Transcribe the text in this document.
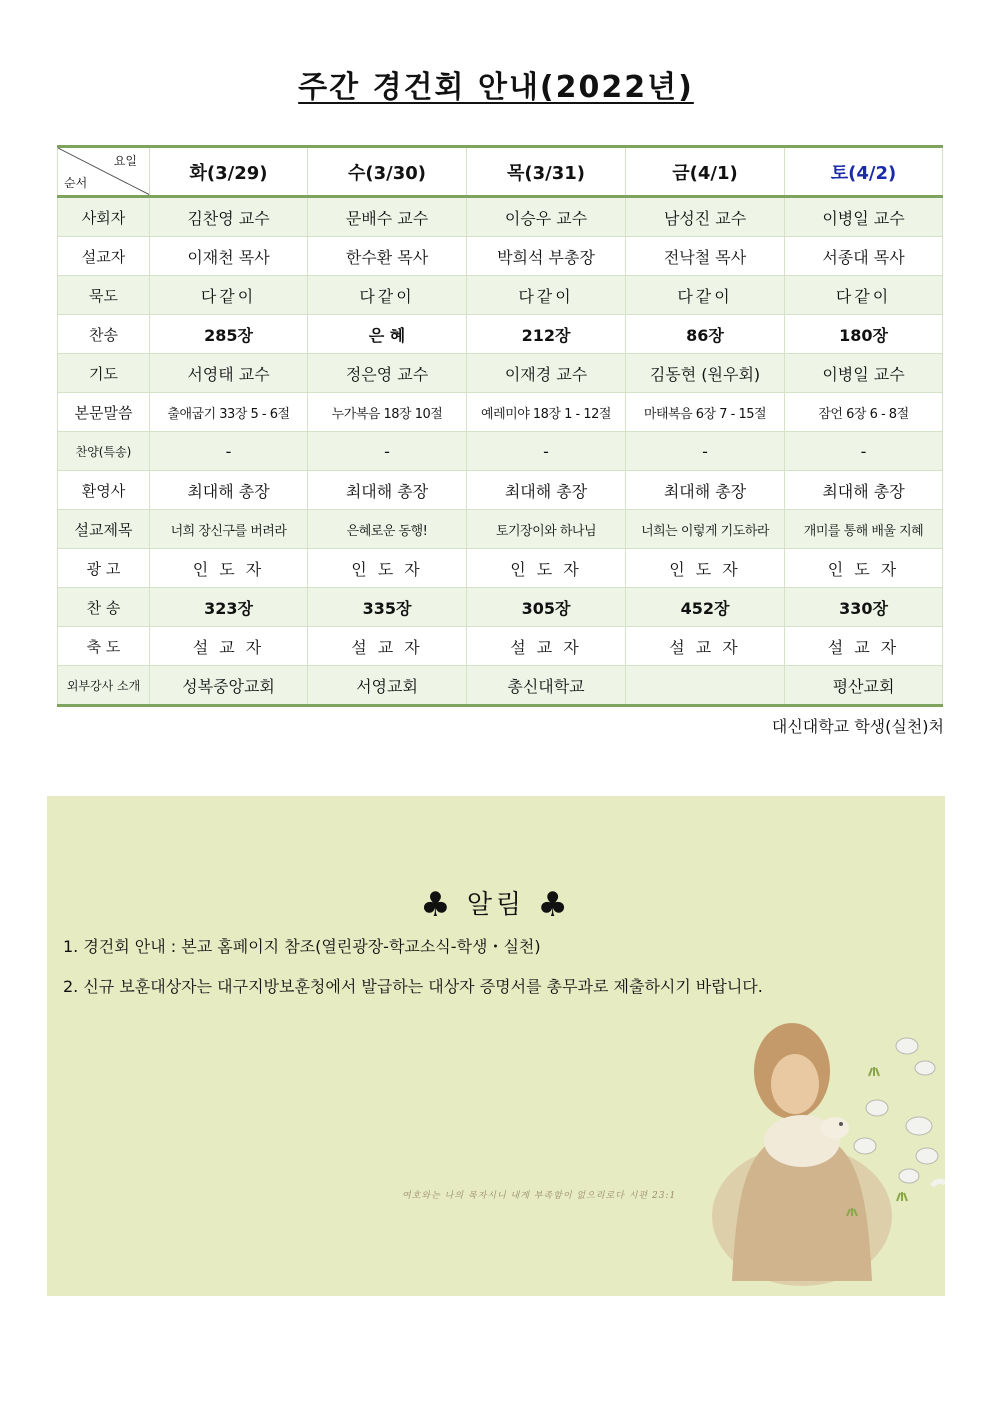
주간 경건회 안내(2022년)
요일
순서	화(3/29)	수(3/30)	목(3/31)	금(4/1)	토(4/2)
사회자	김찬영 교수	문배수 교수	이승우 교수	남성진 교수	이병일 교수
설교자	이재천 목사	한수환 목사	박희석 부총장	전낙철 목사	서종대 목사
묵도	다같이	다같이	다같이	다같이	다같이
찬송	285장	은 혜	212장	86장	180장
기도	서영태 교수	정은영 교수	이재경 교수	김동현 (원우회)	이병일 교수
본문말씀	출애굽기 33장 5 - 6절	누가복음 18장 10절	예레미야 18장 1 - 12절	마태복음 6장 7 - 15절	잠언 6장 6 - 8절
찬양(특송)	-	-	-	-	-
환영사	최대해 총장	최대해 총장	최대해 총장	최대해 총장	최대해 총장
설교제목	너희 장신구를 버려라	은혜로운 동행!	토기장이와 하나님	너희는 이렇게 기도하라	개미를 통해 배울 지혜
광 고	인 도 자	인 도 자	인 도 자	인 도 자	인 도 자
찬 송	323장	335장	305장	452장	330장
축 도	설 교 자	설 교 자	설 교 자	설 교 자	설 교 자
외부강사 소개	성복중앙교회	서영교회	총신대학교		평산교회
대신대학교 학생(실천)처
♣ 알림 ♣
1. 경건회 안내 : 본교 홈페이지 참조(열린광장-학교소식-학생・실천)
2. 신규 보훈대상자는 대구지방보훈청에서 발급하는 대상자 증명서를 총무과로 제출하시기 바랍니다.
여호와는 나의 목자시니 내게 부족함이 없으리로다 시편 23:1
